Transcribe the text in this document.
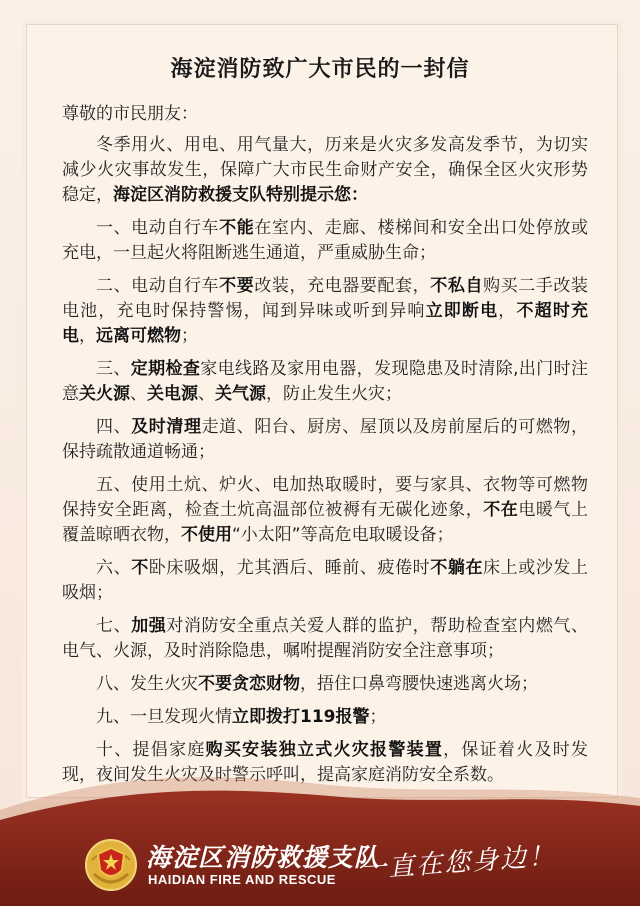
海淀消防致广大市民的一封信

尊敬的市民朋友：

冬季用火、用电、用气量大，历来是火灾多发高发季节，为切实减少火灾事故发生，保障广大市民生命财产安全，确保全区火灾形势稳定，海淀区消防救援支队特别提示您：

一、电动自行车不能在室内、走廊、楼梯间和安全出口处停放或充电，一旦起火将阻断逃生通道，严重威胁生命；

二、电动自行车不要改装，充电器要配套，不私自购买二手改装电池，充电时保持警惕，闻到异味或听到异响立即断电，不超时充电，远离可燃物；

三、定期检查家电线路及家用电器，发现隐患及时清除,出门时注意关火源、关电源、关气源，防止发生火灾；

四、及时清理走道、阳台、厨房、屋顶以及房前屋后的可燃物，保持疏散通道畅通；

五、使用土炕、炉火、电加热取暖时，要与家具、衣物等可燃物保持安全距离，检查土炕高温部位被褥有无碳化迹象，不在电暖气上覆盖晾晒衣物，不使用“小太阳”等高危电取暖设备；

六、不卧床吸烟，尤其酒后、睡前、疲倦时不躺在床上或沙发上吸烟；

七、加强对消防安全重点关爱人群的监护，帮助检查室内燃气、电气、火源，及时消除隐患，嘱咐提醒消防安全注意事项；

八、发生火灾不要贪恋财物，捂住口鼻弯腰快速逃离火场；

九、一旦发现火情立即拨打119报警；

十、提倡家庭购买安装独立式火灾报警装置，保证着火及时发现，夜间发生火灾及时警示呼叫，提高家庭消防安全系数。

海淀区消防救援支队
HAIDIAN FIRE AND RESCUE 一直在您身边！
